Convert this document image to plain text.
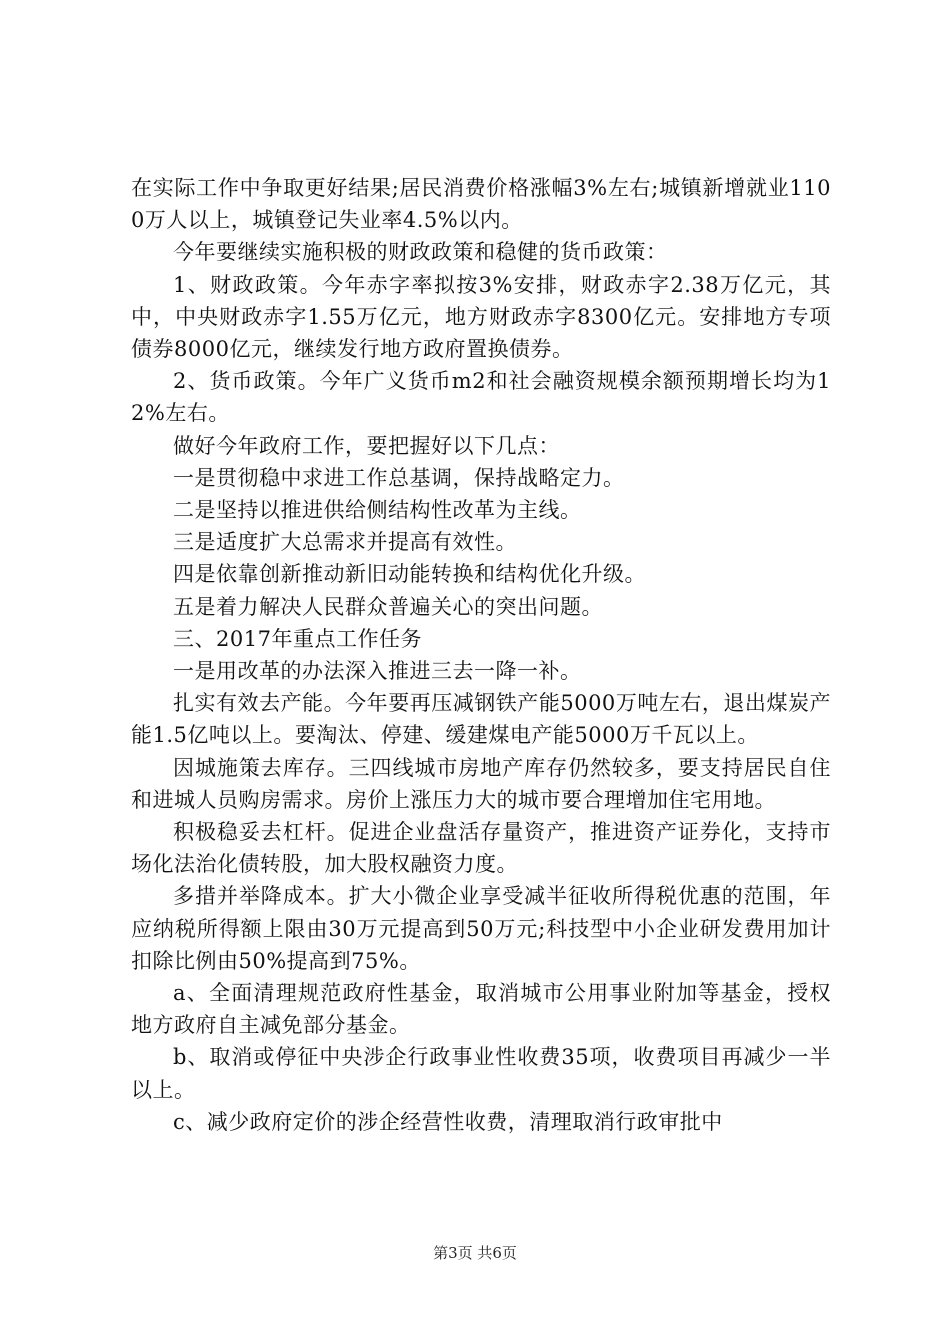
在实际工作中争取更好结果;居民消费价格涨幅3%左右;城镇新增就业1100万人以上，城镇登记失业率4.5%以内。

今年要继续实施积极的财政政策和稳健的货币政策：

1、财政政策。今年赤字率拟按3%安排，财政赤字2.38万亿元，其中，中央财政赤字1.55万亿元，地方财政赤字8300亿元。安排地方专项债券8000亿元，继续发行地方政府置换债券。

2、货币政策。今年广义货币m2和社会融资规模余额预期增长均为12%左右。

做好今年政府工作，要把握好以下几点：

一是贯彻稳中求进工作总基调，保持战略定力。

二是坚持以推进供给侧结构性改革为主线。

三是适度扩大总需求并提高有效性。

四是依靠创新推动新旧动能转换和结构优化升级。

五是着力解决人民群众普遍关心的突出问题。

三、2017年重点工作任务

一是用改革的办法深入推进三去一降一补。

扎实有效去产能。今年要再压减钢铁产能5000万吨左右，退出煤炭产能1.5亿吨以上。要淘汰、停建、缓建煤电产能5000万千瓦以上。

因城施策去库存。三四线城市房地产库存仍然较多，要支持居民自住和进城人员购房需求。房价上涨压力大的城市要合理增加住宅用地。

积极稳妥去杠杆。促进企业盘活存量资产，推进资产证券化，支持市场化法治化债转股，加大股权融资力度。

多措并举降成本。扩大小微企业享受减半征收所得税优惠的范围，年应纳税所得额上限由30万元提高到50万元;科技型中小企业研发费用加计扣除比例由50%提高到75%。

a、全面清理规范政府性基金，取消城市公用事业附加等基金，授权地方政府自主减免部分基金。

b、取消或停征中央涉企行政事业性收费35项，收费项目再减少一半以上。

c、减少政府定价的涉企经营性收费，清理取消行政审批中

第3页 共6页
